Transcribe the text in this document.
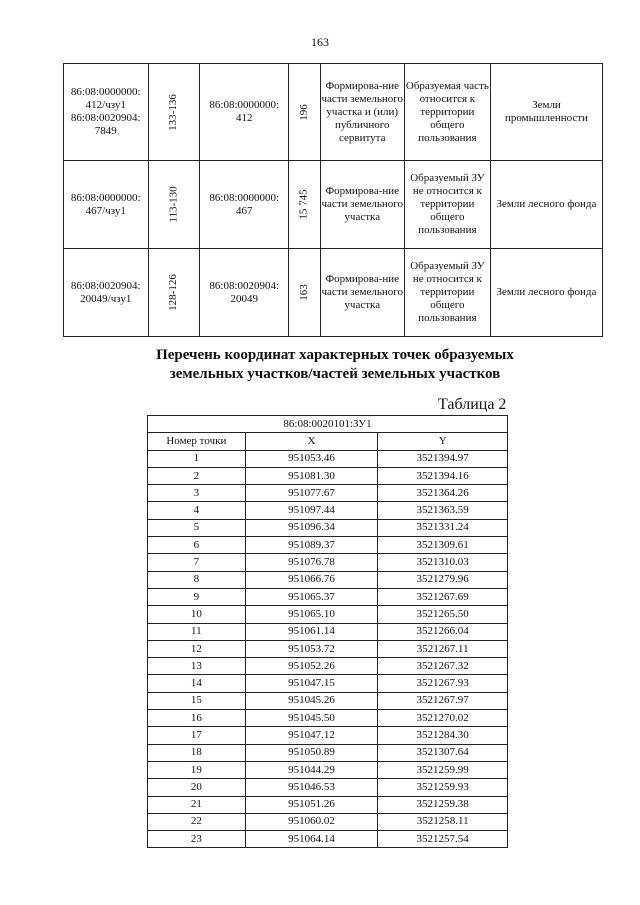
163
86:08:0000000: 412/чзу1 86:08:0020904: 7849	133-136	86:08:0000000: 412	196	Формирова-ние части земельного участка и (или) публичного сервитута	Образуемая часть относится к территории общего пользования	Земли промышленности
86:08:0000000: 467/чзу1	113-130	86:08:0000000: 467	15 745	Формирова-ние части земельного участка	Образуемый ЗУ не относится к территории общего пользования	Земли лесного фонда
86:08:0020904: 20049/чзу1	128-126	86:08:0020904: 20049	163	Формирова-ние части земельного участка	Образуемый ЗУ не относится к территории общего пользования	Земли лесного фонда
Перечень координат характерных точек образуемых земельных участков/частей земельных участков
Таблица 2
86:08:0020101:ЗУ1		
Номер точки	X	Y
1	951053.46	3521394.97
2	951081.30	3521394.16
3	951077.67	3521364.26
4	951097.44	3521363.59
5	951096.34	3521331.24
6	951089.37	3521309.61
7	951076.78	3521310.03
8	951066.76	3521279.96
9	951065.37	3521267.69
10	951065.10	3521265.50
11	951061.14	3521266.04
12	951053.72	3521267.11
13	951052.26	3521267.32
14	951047.15	3521267.93
15	951045.26	3521267.97
16	951045.50	3521270.02
17	951047.12	3521284.30
18	951050.89	3521307.64
19	951044.29	3521259.99
20	951046.53	3521259.93
21	951051.26	3521259.38
22	951060.02	3521258.11
23	951064.14	3521257.54
